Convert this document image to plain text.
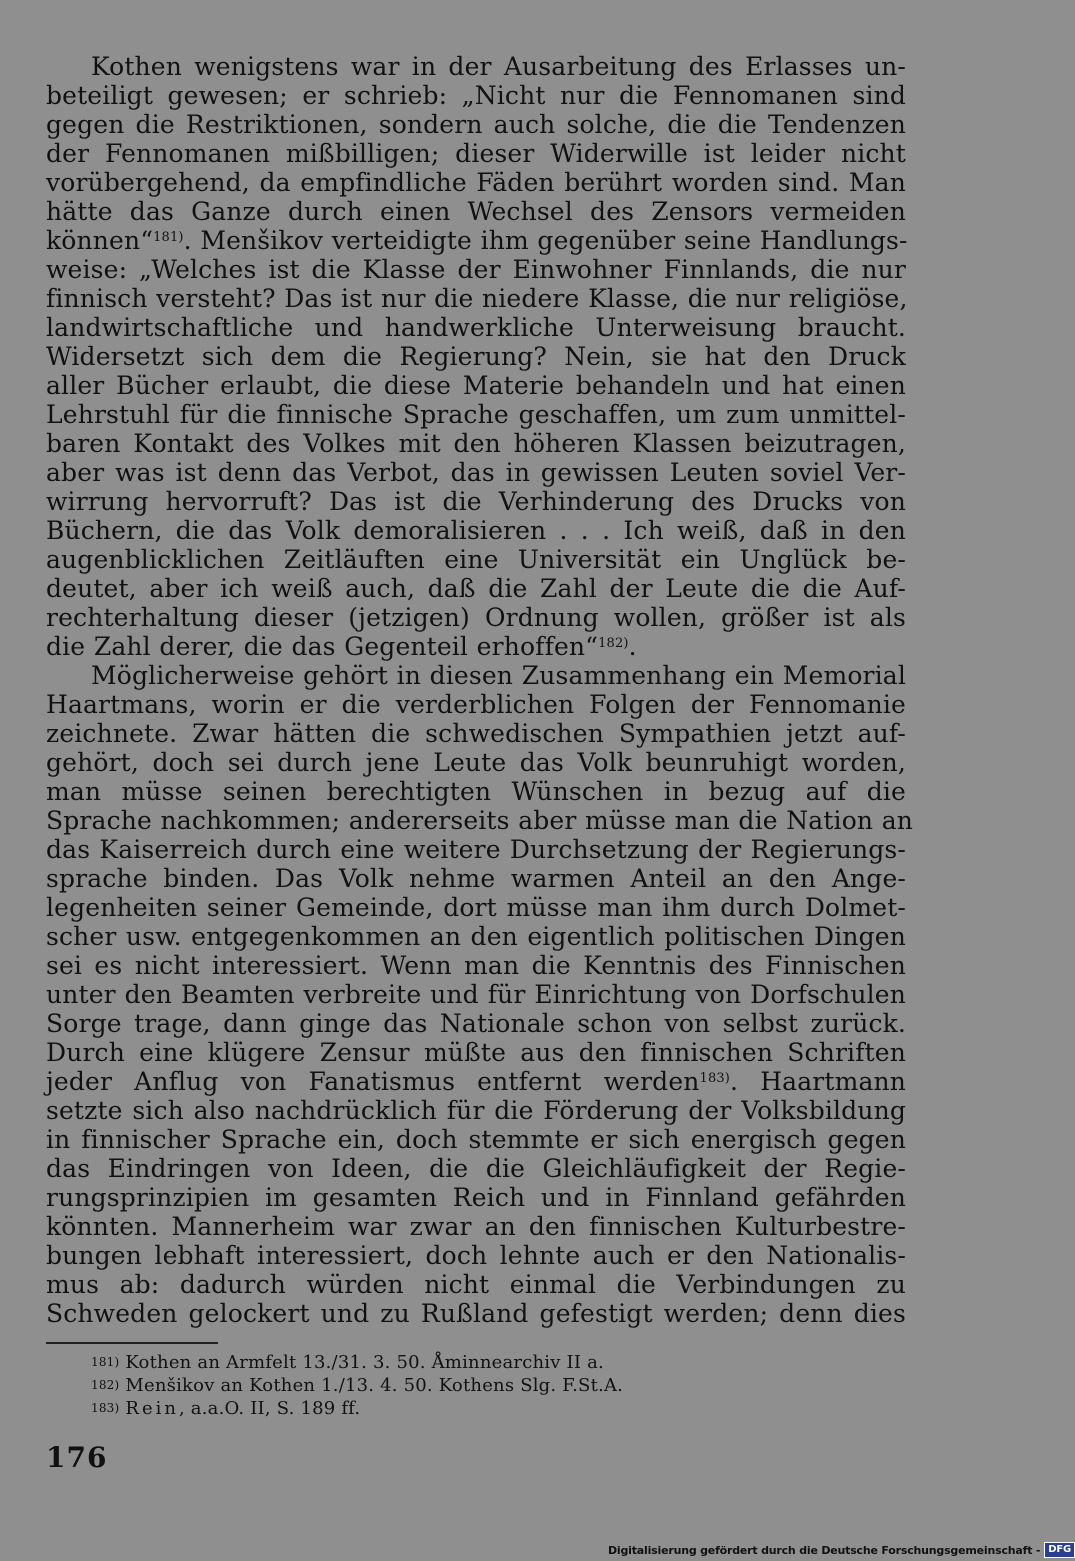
Kothen wenigstens war in der Ausarbeitung des Erlasses un-
beteiligt gewesen; er schrieb: „Nicht nur die Fennomanen sind
gegen die Restriktionen, sondern auch solche, die die Tendenzen
der Fennomanen mißbilligen; dieser Widerwille ist leider nicht
vorübergehend, da empfindliche Fäden berührt worden sind. Man
hätte das Ganze durch einen Wechsel des Zensors vermeiden
können“$^{181)}$. Menšikov verteidigte ihm gegenüber seine Handlungs-
weise: „Welches ist die Klasse der Einwohner Finnlands, die nur
finnisch versteht? Das ist nur die niedere Klasse, die nur religiöse,
landwirtschaftliche und handwerkliche Unterweisung braucht.
Widersetzt sich dem die Regierung? Nein, sie hat den Druck
aller Bücher erlaubt, die diese Materie behandeln und hat einen
Lehrstuhl für die finnische Sprache geschaffen, um zum unmittel-
baren Kontakt des Volkes mit den höheren Klassen beizutragen,
aber was ist denn das Verbot, das in gewissen Leuten soviel Ver-
wirrung hervorruft? Das ist die Verhinderung des Drucks von
Büchern, die das Volk demoralisieren . . . Ich weiß, daß in den
augenblicklichen Zeitläuften eine Universität ein Unglück be-
deutet, aber ich weiß auch, daß die Zahl der Leute die die Auf-
rechterhaltung dieser (jetzigen) Ordnung wollen, größer ist als
die Zahl derer, die das Gegenteil erhoffen“$^{182)}$.
Möglicherweise gehört in diesen Zusammenhang ein Memorial
Haartmans, worin er die verderblichen Folgen der Fennomanie
zeichnete. Zwar hätten die schwedischen Sympathien jetzt auf-
gehört, doch sei durch jene Leute das Volk beunruhigt worden,
man müsse seinen berechtigten Wünschen in bezug auf die
Sprache nachkommen; andererseits aber müsse man die Nation an
das Kaiserreich durch eine weitere Durchsetzung der Regierungs-
sprache binden. Das Volk nehme warmen Anteil an den Ange-
legenheiten seiner Gemeinde, dort müsse man ihm durch Dolmet-
scher usw. entgegenkommen an den eigentlich politischen Dingen
sei es nicht interessiert. Wenn man die Kenntnis des Finnischen
unter den Beamten verbreite und für Einrichtung von Dorfschulen
Sorge trage, dann ginge das Nationale schon von selbst zurück.
Durch eine klügere Zensur müßte aus den finnischen Schriften
jeder Anflug von Fanatismus entfernt werden$^{183)}$. Haartmann
setzte sich also nachdrücklich für die Förderung der Volksbildung
in finnischer Sprache ein, doch stemmte er sich energisch gegen
das Eindringen von Ideen, die die Gleichläufigkeit der Regie-
rungsprinzipien im gesamten Reich und in Finnland gefährden
könnten. Mannerheim war zwar an den finnischen Kulturbestre-
bungen lebhaft interessiert, doch lehnte auch er den Nationalis-
mus ab: dadurch würden nicht einmal die Verbindungen zu
Schweden gelockert und zu Rußland gefestigt werden; denn dies
$^{181)}$ Kothen an Armfelt 13./31. 3. 50. Åminnearchiv II a.
$^{182)}$ Menšikov an Kothen 1./13. 4. 50. Kothens Slg. F.St.A.
$^{183)}$ Rein, a.a.O. II, S. 189 ff.
176
Digitalisierung gefördert durch die Deutsche Forschungsgemeinschaft - DFG
